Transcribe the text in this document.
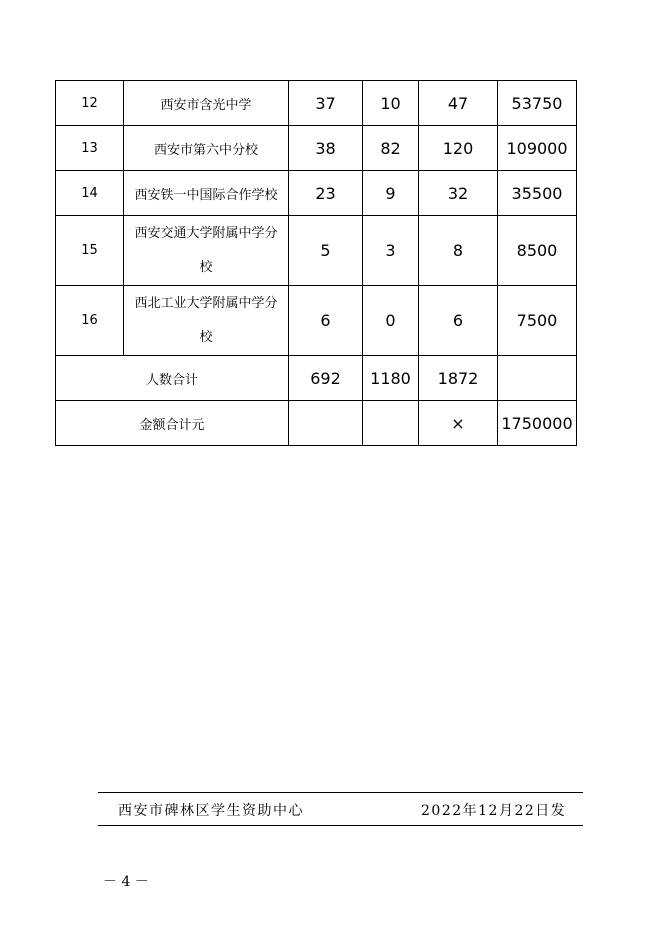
12	西安市含光中学	37	10	47	53750
13	西安市第六中分校	38	82	120	109000
14	西安铁一中国际合作学校	23	9	32	35500
15	西安交通大学附属中学分校	5	3	8	8500
16	西北工业大学附属中学分校	6	0	6	7500
人数合计		692	1180	1872	
金额合计元				×	1750000
西安市碑林区学生资助中心	2022年12月22日发
－ 4 －
